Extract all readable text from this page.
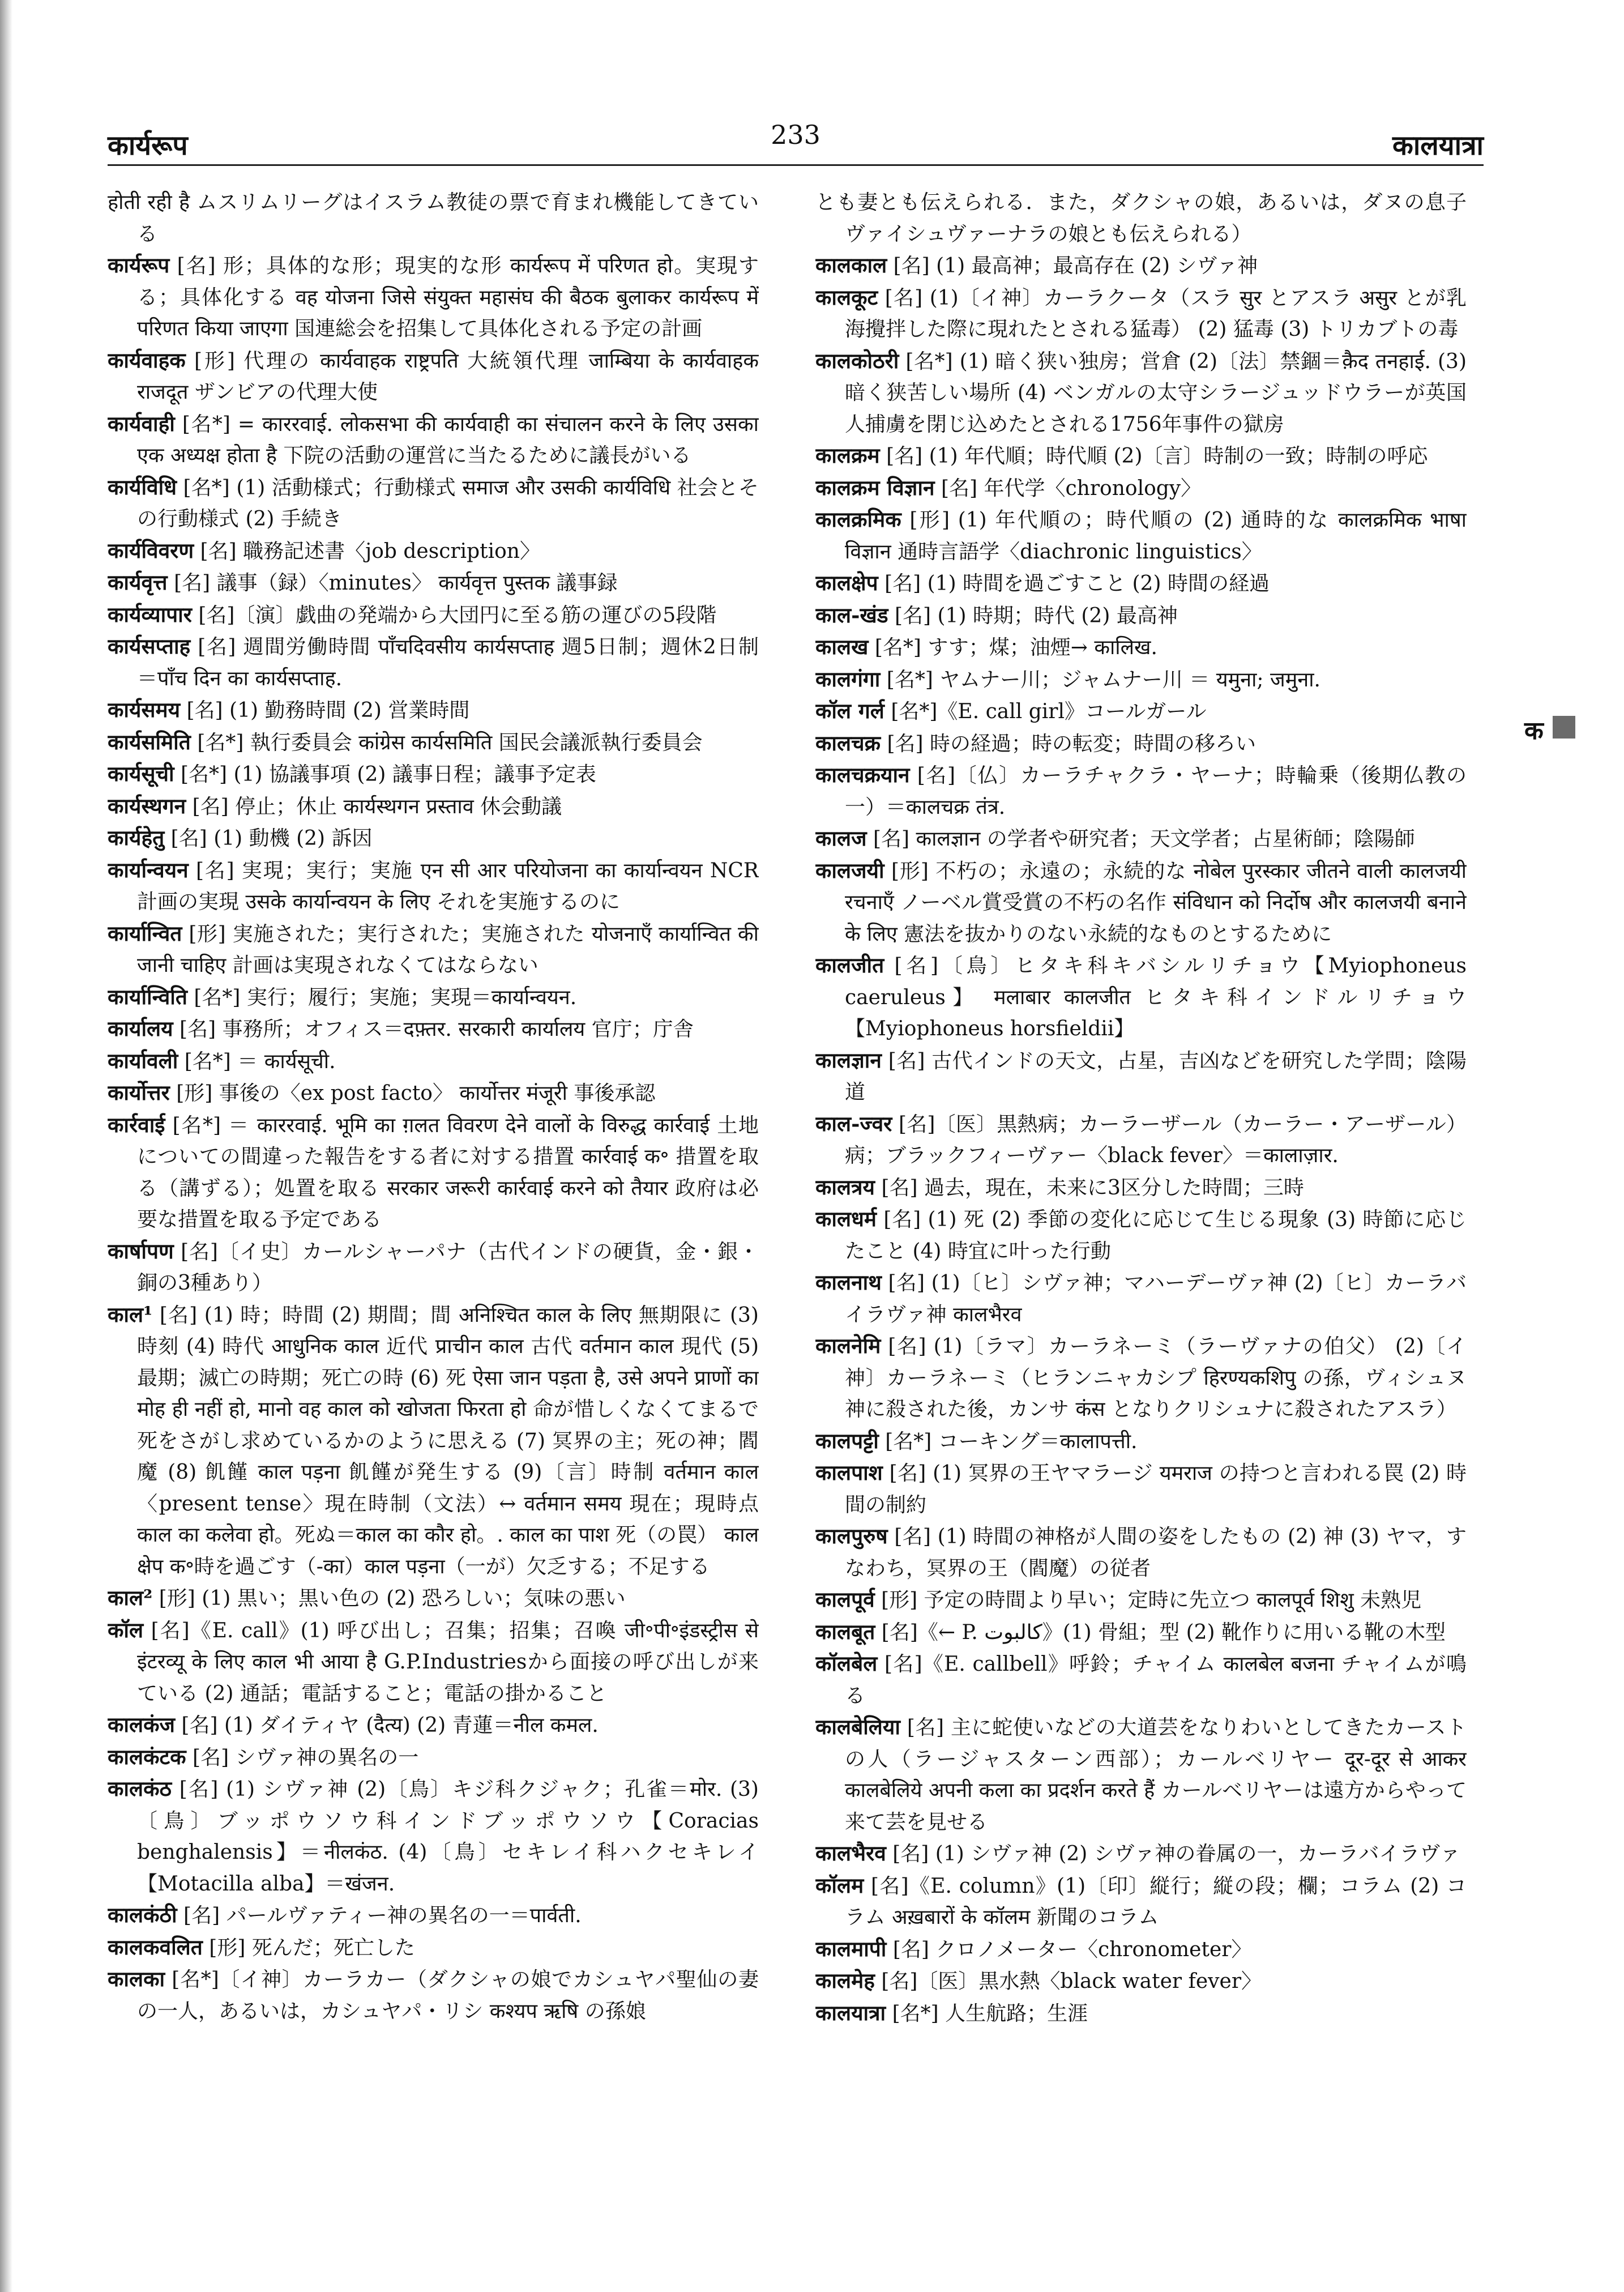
कार्यरूप	233	कालयात्रा

होती रही है ムスリムリーグはイスラム教徒の票で育まれ機能してきている

कार्यरूप [名] 形；具体的な形；現実的な形 कार्यरूप में परिणत हो。実現する；具体化する वह योजना जिसे संयुक्त महासंघ की बैठक बुलाकर कार्यरूप में परिणत किया जाएगा 国連総会を招集して具体化される予定の計画

कार्यवाहक [形] 代理の कार्यवाहक राष्ट्रपति 大統領代理 जाम्बिया के कार्यवाहक राजदूत ザンビアの代理大使

कार्यवाही [名*] = काररवाई. लोकसभा की कार्यवाही का संचालन करने के लिए उसका एक अध्यक्ष होता है 下院の活動の運営に当たるために議長がいる

कार्यविधि [名*] (1) 活動様式；行動様式 समाज और उसकी कार्यविधि 社会とその行動様式 (2) 手続き

कार्यविवरण [名] 職務記述書〈job description〉

कार्यवृत्त [名] 議事（録）〈minutes〉 कार्यवृत्त पुस्तक 議事録

कार्यव्यापार [名]〔演〕戯曲の発端から大団円に至る筋の運びの5段階

कार्यसप्ताह [名] 週間労働時間 पाँचदिवसीय कार्यसप्ताह 週5日制；週休2日制＝पाँच दिन का कार्यसप्ताह.

कार्यसमय [名] (1) 勤務時間 (2) 営業時間

कार्यसमिति [名*] 執行委員会 कांग्रेस कार्यसमिति 国民会議派執行委員会

कार्यसूची [名*] (1) 協議事項 (2) 議事日程；議事予定表

कार्यस्थगन [名] 停止；休止 कार्यस्थगन प्रस्ताव 休会動議

कार्यहेतु [名] (1) 動機 (2) 訴因

कार्यान्वयन [名] 実現；実行；実施 एन सी आर परियोजना का कार्यान्वयन NCR計画の実現 उसके कार्यान्वयन के लिए それを実施するのに

कार्यान्वित [形] 実施された；実行された；実施された योजनाएँ कार्यान्वित की जानी चाहिए 計画は実現されなくてはならない

कार्यान्विति [名*] 実行；履行；実施；実現＝कार्यान्वयन.

कार्यालय [名] 事務所；オフィス＝दफ़्तर. सरकारी कार्यालय 官庁；庁舎

कार्यावली [名*] ＝ कार्यसूची.

कार्योत्तर [形] 事後の〈ex post facto〉 कार्योत्तर मंजूरी 事後承認

कार्रवाई [名*] ＝ काररवाई. भूमि का ग़लत विवरण देने वालों के विरुद्ध कार्रवाई 土地についての間違った報告をする者に対する措置 कार्रवाई क॰ 措置を取る（講ずる）；処置を取る सरकार जरूरी कार्रवाई करने को तैयार 政府は必要な措置を取る予定である

कार्षापण [名]〔イ史〕カールシャーパナ（古代インドの硬貨，金・銀・銅の3種あり）

काल¹ [名] (1) 時；時間 (2) 期間；間 अनिश्चित काल के लिए 無期限に (3) 時刻 (4) 時代 आधुनिक काल 近代 प्राचीन काल 古代 वर्तमान काल 現代 (5) 最期；滅亡の時期；死亡の時 (6) 死 ऐसा जान पड़ता है, उसे अपने प्राणों का मोह ही नहीं हो, मानो वह काल को खोजता फिरता हो 命が惜しくなくてまるで死をさがし求めているかのように思える (7) 冥界の主；死の神；閻魔 (8) 飢饉 काल पड़ना 飢饉が発生する (9)〔言〕時制 वर्तमान काल〈present tense〉現在時制（文法）↔ वर्तमान समय 現在；現時点 काल का कलेवा हो。死ぬ＝काल का कौर हो。. काल का पाश 死（の罠） काल क्षेप क॰時を過ごす（-का）काल पड़ना（一が）欠乏する；不足する

काल² [形] (1) 黒い；黒い色の (2) 恐ろしい；気味の悪い

कॉल [名]《E. call》(1) 呼び出し；召集；招集；召喚 जी॰पी॰इंडस्ट्रीस से इंटरव्यू के लिए काल भी आया है G.P.Industriesから面接の呼び出しが来ている (2) 通話；電話すること；電話の掛かること

कालकंज [名] (1) ダイティヤ (दैत्य) (2) 青蓮＝नील कमल.

कालकंटक [名] シヴァ神の異名の一

कालकंठ [名] (1) シヴァ神 (2)〔鳥〕キジ科クジャク；孔雀＝मोर. (3)〔鳥〕ブッポウソウ科インドブッポウソウ【Coracias benghalensis】＝नीलकंठ. (4)〔鳥〕セキレイ科ハクセキレイ【Motacilla alba】＝खंजन.

कालकंठी [名] パールヴァティー神の異名の一＝पार्वती.

कालकवलित [形] 死んだ；死亡した

कालका [名*]〔イ神〕カーラカー（ダクシャの娘でカシュヤパ聖仙の妻の一人，あるいは，カシュヤパ・リシ कश्यप ऋषि の孫娘

とも妻とも伝えられる．また，ダクシャの娘，あるいは，ダヌの息子ヴァイシュヴァーナラの娘とも伝えられる）

कालकाल [名] (1) 最高神；最高存在 (2) シヴァ神

कालकूट [名] (1)〔イ神〕カーラクータ（スラ सुर とアスラ असुर とが乳海攪拌した際に現れたとされる猛毒） (2) 猛毒 (3) トリカブトの毒

कालकोठरी [名*] (1) 暗く狭い独房；営倉 (2)〔法〕禁錮＝क़ैद तनहाई. (3) 暗く狭苦しい場所 (4) ベンガルの太守シラージュッドウラーが英国人捕虜を閉じ込めたとされる1756年事件の獄房

कालक्रम [名] (1) 年代順；時代順 (2)〔言〕時制の一致；時制の呼応

कालक्रम विज्ञान [名] 年代学〈chronology〉

कालक्रमिक [形] (1) 年代順の；時代順の (2) 通時的な कालक्रमिक भाषा विज्ञान 通時言語学〈diachronic linguistics〉

कालक्षेप [名] (1) 時間を過ごすこと (2) 時間の経過

काल-खंड [名] (1) 時期；時代 (2) 最高神

कालख [名*] すす；煤；油煙→ कालिख.

कालगंगा [名*] ヤムナー川；ジャムナー川 ＝ यमुना; जमुना.

कॉल गर्ल [名*]《E. call girl》コールガール

कालचक्र [名] 時の経過；時の転変；時間の移ろい

कालचक्रयान [名]〔仏〕カーラチャクラ・ヤーナ；時輪乗（後期仏教の一）＝कालचक्र तंत्र.

कालज [名] कालज्ञान の学者や研究者；天文学者；占星術師；陰陽師

कालजयी [形] 不朽の；永遠の；永続的な नोबेल पुरस्कार जीतने वाली कालजयी रचनाएँ ノーベル賞受賞の不朽の名作 संविधान को निर्दोष और कालजयी बनाने के लिए 憲法を抜かりのない永続的なものとするために

कालजीत [名]〔鳥〕ヒタキ科キバシルリチョウ【Myiophoneus caeruleus】 मलाबार कालजीत ヒタキ科インドルリチョウ【Myiophoneus horsfieldii】

कालज्ञान [名] 古代インドの天文，占星，吉凶などを研究した学問；陰陽道

काल-ज्वर [名]〔医〕黒熱病；カーラーザール（カーラー・アーザール）病；ブラックフィーヴァー〈black fever〉＝कालाज़ार.

कालत्रय [名] 過去，現在，未来に3区分した時間；三時

कालधर्म [名] (1) 死 (2) 季節の変化に応じて生じる現象 (3) 時節に応じたこと (4) 時宜に叶った行動

कालनाथ [名] (1)〔ヒ〕シヴァ神；マハーデーヴァ神 (2)〔ヒ〕カーラバイラヴァ神 कालभैरव

कालनेमि [名] (1)〔ラマ〕カーラネーミ（ラーヴァナの伯父） (2)〔イ神〕カーラネーミ（ヒランニャカシプ हिरण्यकशिपु の孫，ヴィシュヌ神に殺された後，カンサ कंस となりクリシュナに殺されたアスラ）

कालपट्टी [名*] コーキング＝कालापत्ती.

कालपाश [名] (1) 冥界の王ヤマラージ यमराज の持つと言われる罠 (2) 時間の制約

कालपुरुष [名] (1) 時間の神格が人間の姿をしたもの (2) 神 (3) ヤマ，すなわち，冥界の王（閻魔）の従者

कालपूर्व [形] 予定の時間より早い；定時に先立つ कालपूर्व शिशु 未熟児

कालबूत [名]《← P. کالبوت》(1) 骨組；型 (2) 靴作りに用いる靴の木型

कॉलबेल [名]《E. callbell》呼鈴；チャイム कालबेल बजना チャイムが鳴る

कालबेलिया [名] 主に蛇使いなどの大道芸をなりわいとしてきたカーストの人（ラージャスターン西部）；カールベリヤー दूर-दूर से आकर कालबेलिये अपनी कला का प्रदर्शन करते हैं カールベリヤーは遠方からやって来て芸を見せる

कालभैरव [名] (1) シヴァ神 (2) シヴァ神の眷属の一，カーラバイラヴァ

कॉलम [名]《E. column》(1)〔印〕縦行；縦の段；欄；コラム (2) コラム अख़बारों के कॉलम 新聞のコラム

कालमापी [名] クロノメーター〈chronometer〉

कालमेह [名]〔医〕黒水熱〈black water fever〉

कालयात्रा [名*] 人生航路；生涯

क
